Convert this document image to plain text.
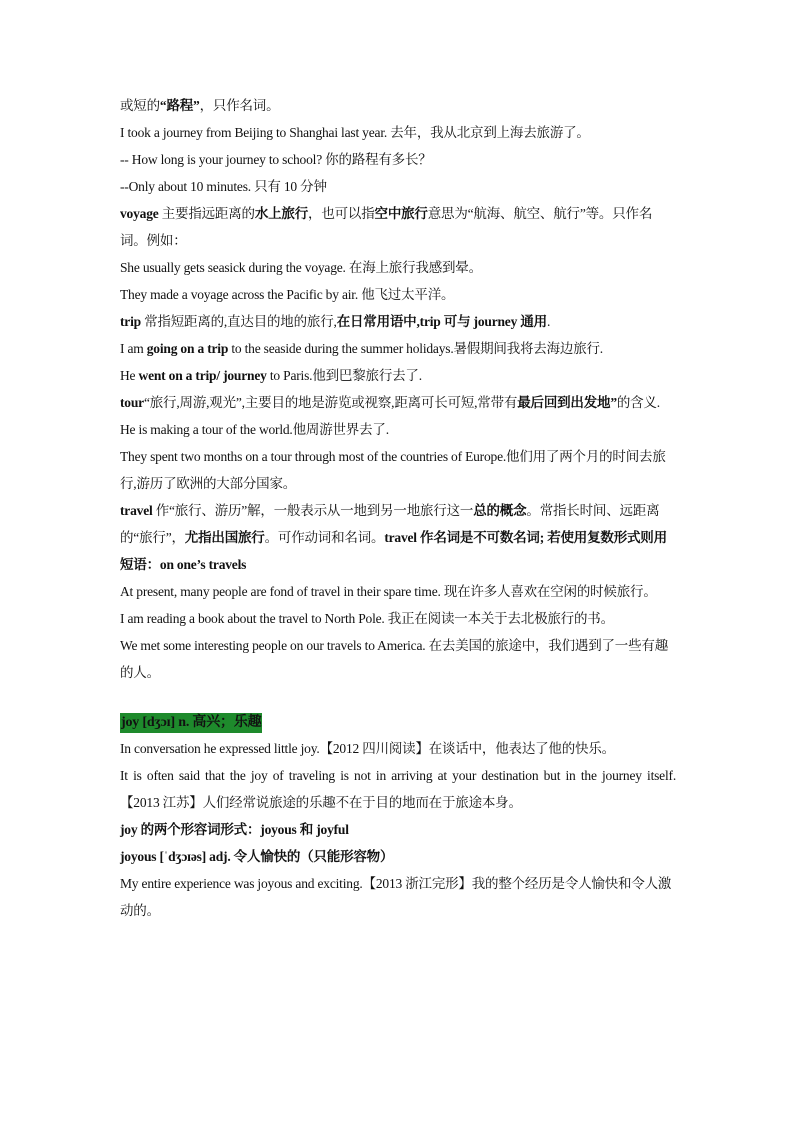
或短的“路程”，只作名词。
I took a journey from Beijing to Shanghai last year. 去年，我从北京到上海去旅游了。
-- How long is your journey to school? 你的路程有多长？
--Only about 10 minutes. 只有 10 分钟
voyage 主要指远距离的水上旅行，也可以指空中旅行意思为“航海、航空、航行”等。只作名词。例如：
She usually gets seasick during the voyage. 在海上旅行我感到晕。
They made a voyage across the Pacific by air. 他飞过太平洋。
trip 常指短距离的,直达目的地的旅行,在日常用语中,trip 可与 journey 通用.
I am going on a trip to the seaside during the summer holidays.暑假期间我将去海边旅行.
He went on a trip/ journey to Paris.他到巴黎旅行去了.
tour“旅行,周游,观光”,主要目的地是游览或视察,距离可长可短,常带有最后回到出发地”的含义.
He is making a tour of the world.他周游世界去了.
They spent two months on a tour through most of the countries of Europe.他们用了两个月的时间去旅行,游历了欧洲的大部分国家。
travel 作“旅行、游历”解，一般表示从一地到另一地旅行这一总的概念。常指长时间、远距离的“旅行”，尤指出国旅行。可作动词和名词。travel 作名词是不可数名词; 若使用复数形式则用短语：on one’s travels
At present, many people are fond of travel in their spare time. 现在许多人喜欢在空闲的时候旅行。
I am reading a book about the travel to North Pole. 我正在阅读一本关于去北极旅行的书。
We met some interesting people on our travels to America. 在去美国的旅途中，我们遇到了一些有趣的人。
joy [dʒɔɪ] n. 高兴；乐趣
In conversation he expressed little joy.【2012 四川阅读】在谈话中，他表达了他的快乐。
It is often said that the joy of traveling is not in arriving at your destination but in the journey itself. 【2013 江苏】人们经常说旅途的乐趣不在于目的地而在于旅途本身。
joy 的两个形容词形式：joyous 和 joyful
joyous [ˈdʒɔɪəs] adj. 令人愉快的（只能形容物）
My entire experience was joyous and exciting.【2013 浙江完形】我的整个经历是令人愉快和令人激动的。
